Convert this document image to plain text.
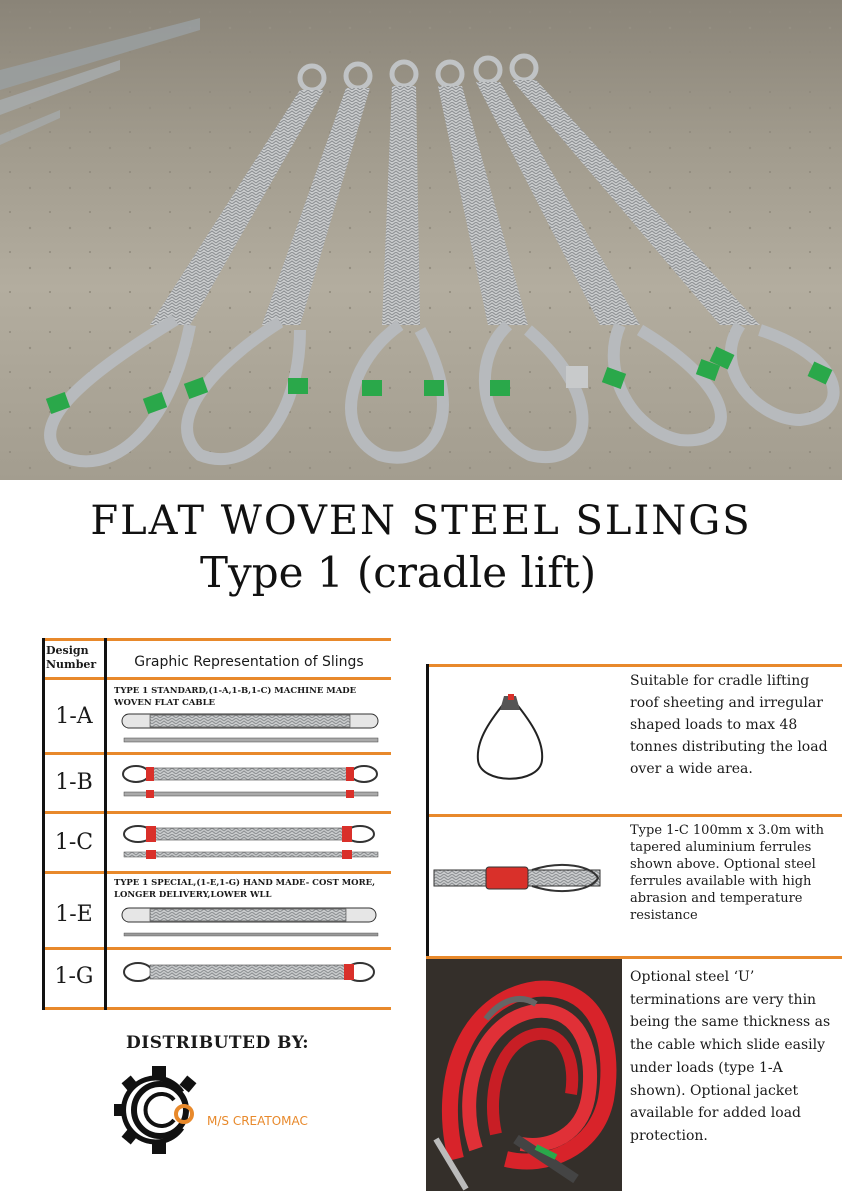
FLAT WOVEN STEEL SLINGS
Type 1 (cradle lift)
Design Number	Graphic Representation of Slings
1-A
TYPE 1 STANDARD,(1-A,1-B,1-C) MACHINE MADE WOVEN FLAT CABLE
1-B
1-C
1-E
TYPE 1 SPECIAL,(1-E,1-G) HAND MADE- COST MORE, LONGER DELIVERY,LOWER WLL
1-G
Suitable for cradle lifting roof sheeting and irregular shaped loads to max 48 tonnes distributing the load over a wide area.
Type 1-C 100mm x 3.0m with tapered aluminium ferrules shown above. Optional steel ferrules available with high abrasion and temperature resistance
Optional steel ‘U’ terminations are very thin being the same thickness as the cable which slide easily under loads (type 1-A shown). Optional jacket available for added load protection.
DISTRIBUTED BY:
M/S CREATOMAC
